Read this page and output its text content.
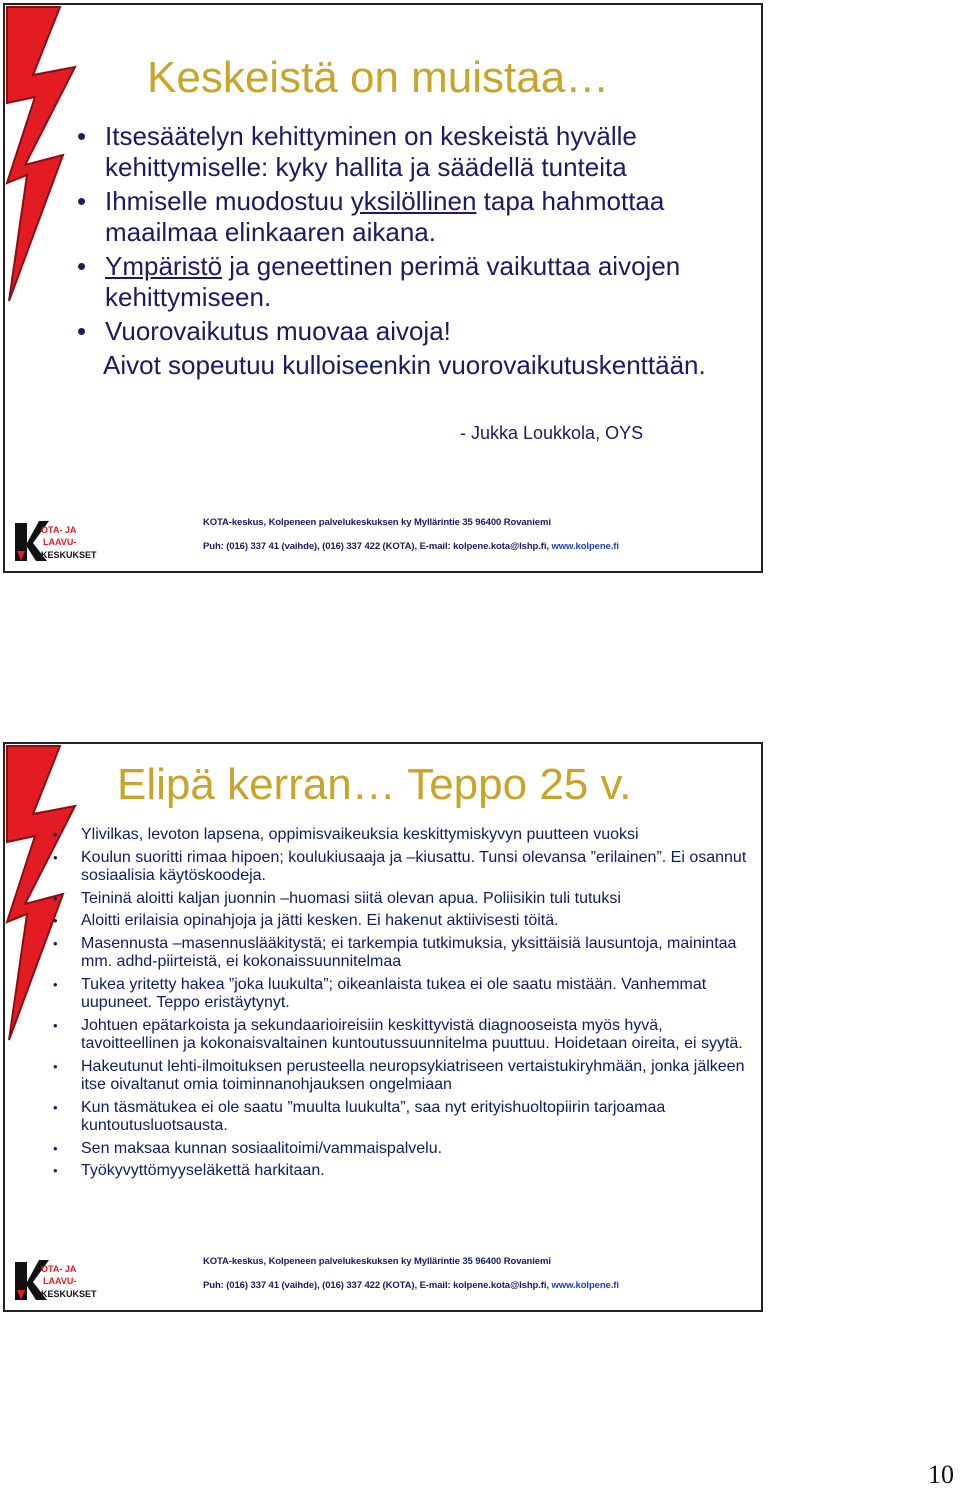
Keskeistä on muistaa…
• Itsesäätelyn kehittyminen on keskeistä hyvälle kehittymiselle: kyky hallita ja säädellä tunteita
• Ihmiselle muodostuu yksilöllinen tapa hahmottaa maailmaa elinkaaren aikana.
• Ympäristö ja geneettinen perimä vaikuttaa aivojen kehittymiseen.
• Vuorovaikutus muovaa aivoja!
Aivot sopeutuu kulloiseenkin vuorovaikutuskenttään.
- Jukka Loukkola, OYS
OTA- JA
LAAVU-
KESKUKSET
KOTA-keskus, Kolpeneen palvelukeskuksen ky Myllärintie 35 96400 Rovaniemi
Puh: (016) 337 41 (vaihde), (016) 337 422 (KOTA), E-mail: kolpene.kota@lshp.fi, www.kolpene.fi
Elipä kerran… Teppo 25 v.
• Ylivilkas, levoton lapsena, oppimisvaikeuksia keskittymiskyvyn puutteen vuoksi
• Koulun suoritti rimaa hipoen; koulukiusaaja ja –kiusattu. Tunsi olevansa ”erilainen”. Ei osannut sosiaalisia käytöskoodeja.
• Teininä aloitti kaljan juonnin –huomasi siitä olevan apua. Poliisikin tuli tutuksi
• Aloitti erilaisia opinahjoja ja jätti kesken. Ei hakenut aktiivisesti töitä.
• Masennusta –masennuslääkitystä; ei tarkempia tutkimuksia, yksittäisiä lausuntoja, mainintaa mm. adhd-piirteistä, ei kokonaissuunnitelmaa
• Tukea yritetty hakea ”joka luukulta”; oikeanlaista tukea ei ole saatu mistään. Vanhemmat uupuneet. Teppo eristäytynyt.
• Johtuen epätarkoista ja sekundaarioireisiin keskittyvistä diagnooseista myös hyvä, tavoitteellinen ja kokonaisvaltainen kuntoutussuunnitelma puuttuu. Hoidetaan oireita, ei syytä.
• Hakeutunut lehti-ilmoituksen perusteella neuropsykiatriseen vertaistukiryhmään, jonka jälkeen itse oivaltanut omia toiminnanohjauksen ongelmiaan
• Kun täsmätukea ei ole saatu ”muulta luukulta”, saa nyt erityishuoltopiirin tarjoamaa kuntoutusluotsausta.
• Sen maksaa kunnan sosiaalitoimi/vammaispalvelu.
• Työkyvyttömyyseläkettä harkitaan.
OTA- JA
LAAVU-
KESKUKSET
KOTA-keskus, Kolpeneen palvelukeskuksen ky Myllärintie 35 96400 Rovaniemi
Puh: (016) 337 41 (vaihde), (016) 337 422 (KOTA), E-mail: kolpene.kota@lshp.fi, www.kolpene.fi
10
